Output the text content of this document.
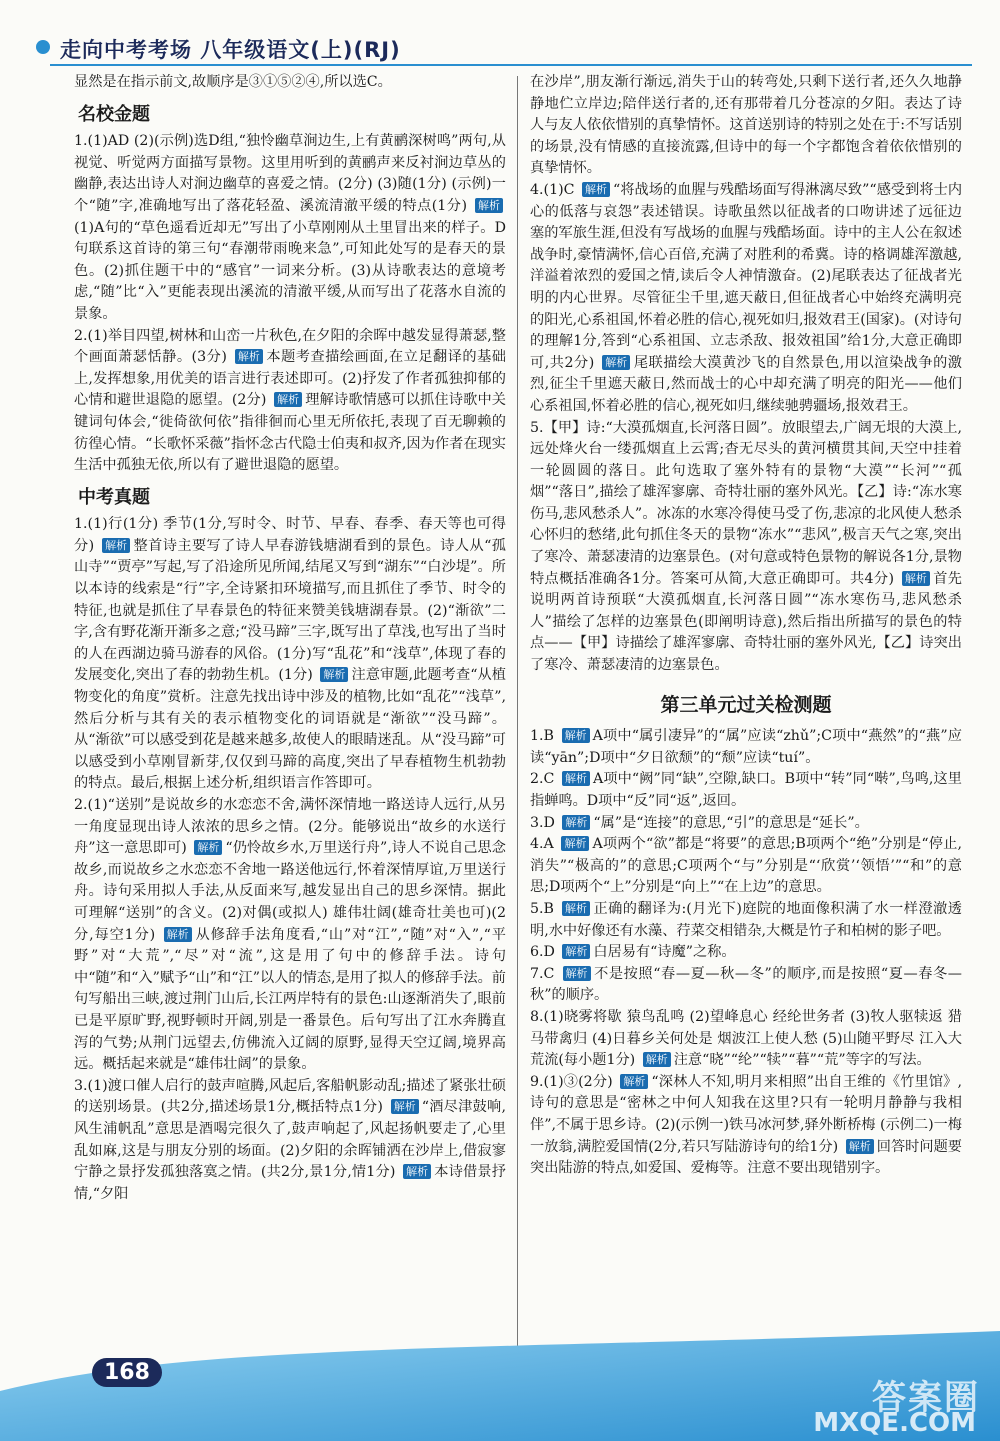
走向中考考场 八年级语文(上)(RJ)

显然是在指示前文,故顺序是③①⑤②④,所以选C。

名校金题

1.(1)AD (2)(示例)选D组,“独怜幽草涧边生,上有黄鹂深树鸣”两句,从视觉、听觉两方面描写景物。这里用听到的黄鹂声来反衬涧边草丛的幽静,表达出诗人对涧边幽草的喜爱之情。(2分) (3)随(1分) (示例)一个“随”字,准确地写出了落花轻盈、溪流清澈平缓的特点(1分) 解析(1)A句的“草色遥看近却无”写出了小草刚刚从土里冒出来的样子。D句联系这首诗的第三句“春潮带雨晚来急”,可知此处写的是春天的景色。(2)抓住题干中的“感官”一词来分析。(3)从诗歌表达的意境考虑,“随”比“入”更能表现出溪流的清澈平缓,从而写出了花落水自流的景象。

2.(1)举目四望,树林和山峦一片秋色,在夕阳的余晖中越发显得萧瑟,整个画面萧瑟恬静。(3分) 解析 本题考查描绘画面,在立足翻译的基础上,发挥想象,用优美的语言进行表述即可。(2)抒发了作者孤独抑郁的心情和避世退隐的愿望。(2分) 解析 理解诗歌情感可以抓住诗歌中关键词句体会,“徙倚欲何依”指徘徊而心里无所依托,表现了百无聊赖的彷徨心情。“长歌怀采薇”指怀念古代隐士伯夷和叔齐,因为作者在现实生活中孤独无依,所以有了避世退隐的愿望。

中考真题

1.(1)行(1分) 季节(1分,写时令、时节、早春、春季、春天等也可得分) 解析 整首诗主要写了诗人早春游钱塘湖看到的景色。诗人从“孤山寺”“贾亭”写起,写了沿途所见所闻,结尾又写到“湖东”“白沙堤”。所以本诗的线索是“行”字,全诗紧扣环境描写,而且抓住了季节、时令的特征,也就是抓住了早春景色的特征来赞美钱塘湖春景。(2)“渐欲”二字,含有野花渐开渐多之意;“没马蹄”三字,既写出了草浅,也写出了当时的人在西湖边骑马游春的风俗。(1分)写“乱花”和“浅草”,体现了春的发展变化,突出了春的勃勃生机。(1分) 解析 注意审题,此题考查“从植物变化的角度”赏析。注意先找出诗中涉及的植物,比如“乱花”“浅草”,然后分析与其有关的表示植物变化的词语就是“渐欲”“没马蹄”。从“渐欲”可以感受到花是越来越多,故使人的眼睛迷乱。从“没马蹄”可以感受到小草刚冒新芽,仅仅到马蹄的高度,突出了早春植物生机勃勃的特点。最后,根据上述分析,组织语言作答即可。

2.(1)“送别”是说故乡的水恋恋不舍,满怀深情地一路送诗人远行,从另一角度显现出诗人浓浓的思乡之情。(2分。能够说出“故乡的水送行舟”这一意思即可) 解析 “仍怜故乡水,万里送行舟”,诗人不说自己思念故乡,而说故乡之水恋恋不舍地一路送他远行,怀着深情厚谊,万里送行舟。诗句采用拟人手法,从反面来写,越发显出自己的思乡深情。据此可理解“送别”的含义。(2)对偶(或拟人) 雄伟壮阔(雄奇壮美也可)(2分,每空1分) 解析 从修辞手法角度看,“山”对“江”,“随”对“入”,“平野”对“大荒”,“尽”对“流”,这是用了句中的修辞手法。诗句中“随”和“入”赋予“山”和“江”以人的情态,是用了拟人的修辞手法。前句写船出三峡,渡过荆门山后,长江两岸特有的景色:山逐渐消失了,眼前已是平原旷野,视野顿时开阔,别是一番景色。后句写出了江水奔腾直泻的气势;从荆门远望去,仿佛流入辽阔的原野,显得天空辽阔,境界高远。概括起来就是“雄伟壮阔”的景象。

3.(1)渡口催人启行的鼓声喧腾,风起后,客船帆影动乱;描述了紧张壮硕的送别场景。(共2分,描述场景1分,概括特点1分) 解析 “酒尽津鼓响,风生浦帆乱”意思是酒喝完很久了,鼓声响起了,风起扬帆要走了,心里乱如麻,这是与朋友分别的场面。(2)夕阳的余晖铺洒在沙岸上,借寂寥宁静之景抒发孤独落寞之情。(共2分,景1分,情1分) 解析 本诗借景抒情,“夕阳

在沙岸”,朋友渐行渐远,消失于山的转弯处,只剩下送行者,还久久地静静地伫立岸边;陪伴送行者的,还有那带着几分苍凉的夕阳。表达了诗人与友人依依惜别的真挚情怀。这首送别诗的特别之处在于:不写话别的场景,没有情感的直接流露,但诗中的每一个字都饱含着依依惜别的真挚情怀。

4.(1)C 解析 “将战场的血腥与残酷场面写得淋漓尽致”“感受到将士内心的低落与哀怨”表述错误。诗歌虽然以征战者的口吻讲述了远征边塞的军旅生涯,但没有写战场的血腥与残酷场面。诗中的主人公在叙述战争时,豪情满怀,信心百倍,充满了对胜利的希冀。诗的格调雄浑激越,洋溢着浓烈的爱国之情,读后令人神情激奋。(2)尾联表达了征战者光明的内心世界。尽管征尘千里,遮天蔽日,但征战者心中始终充满明亮的阳光,心系祖国,怀着必胜的信心,视死如归,报效君王(国家)。(对诗句的理解1分,答到“心系祖国、立志杀敌、报效祖国”给1分,大意正确即可,共2分) 解析 尾联描绘大漠黄沙飞的自然景色,用以渲染战争的激烈,征尘千里遮天蔽日,然而战士的心中却充满了明亮的阳光——他们心系祖国,怀着必胜的信心,视死如归,继续驰骋疆场,报效君王。

5.【甲】诗:“大漠孤烟直,长河落日圆”。放眼望去,广阔无垠的大漠上,远处烽火台一缕孤烟直上云霄;杳无尽头的黄河横贯其间,天空中挂着一轮圆圆的落日。此句选取了塞外特有的景物“大漠”“长河”“孤烟”“落日”,描绘了雄浑寥廓、奇特壮丽的塞外风光。【乙】诗:“冻水寒伤马,悲风愁杀人”。冰冻的水寒冷得使马受了伤,悲凉的北风使人愁杀心怀归的愁绪,此句抓住冬天的景物“冻水”“悲风”,极言天气之寒,突出了寒冷、萧瑟凄清的边塞景色。(对句意或特色景物的解说各1分,景物特点概括准确各1分。答案可从简,大意正确即可。共4分) 解析 首先说明两首诗预联“大漠孤烟直,长河落日圆”“冻水寒伤马,悲风愁杀人”描绘了怎样的边塞景色(即阐明诗意),然后指出所描写的景色的特点——【甲】诗描绘了雄浑寥廓、奇特壮丽的塞外风光,【乙】诗突出了寒冷、萧瑟凄清的边塞景色。

第三单元过关检测题

1.B 解析 A项中“属引凄异”的“属”应读“zhǔ”;C项中“燕然”的“燕”应读“yān”;D项中“夕日欲颓”的“颓”应读“tuí”。

2.C 解析 A项中“阙”同“缺”,空隙,缺口。B项中“转”同“啭”,鸟鸣,这里指蝉鸣。D项中“反”同“返”,返回。

3.D 解析 “属”是“连接”的意思,“引”的意思是“延长”。

4.A 解析 A项两个“欲”都是“将要”的意思;B项两个“绝”分别是“停止,消失”“极高的”的意思;C项两个“与”分别是“‘欣赏’‘领悟’”“和”的意思;D项两个“上”分别是“向上”“在上边”的意思。

5.B 解析 正确的翻译为:(月光下)庭院的地面像积满了水一样澄澈透明,水中好像还有水藻、荇菜交相错杂,大概是竹子和柏树的影子吧。

6.D 解析 白居易有“诗魔”之称。

7.C 解析 不是按照“春—夏—秋—冬”的顺序,而是按照“夏—春冬—秋”的顺序。

8.(1)晓雾将歇 猿鸟乱鸣 (2)望峰息心 经纶世务者 (3)牧人驱犊返 猎马带禽归 (4)日暮乡关何处是 烟波江上使人愁 (5)山随平野尽 江入大荒流(每小题1分) 解析 注意“晓”“纶”“犊”“暮”“荒”等字的写法。

9.(1)③(2分) 解析 “深林人不知,明月来相照”出自王维的《竹里馆》,诗句的意思是“密林之中何人知我在这里?只有一轮明月静静与我相伴”,不属于思乡诗。(2)(示例一)铁马冰河梦,驿外断桥梅 (示例二)一梅一放翁,满腔爱国情(2分,若只写陆游诗句的给1分) 解析 回答时问题要突出陆游的特点,如爱国、爱梅等。注意不要出现错别字。

168
答案圈
MXQE.COM
